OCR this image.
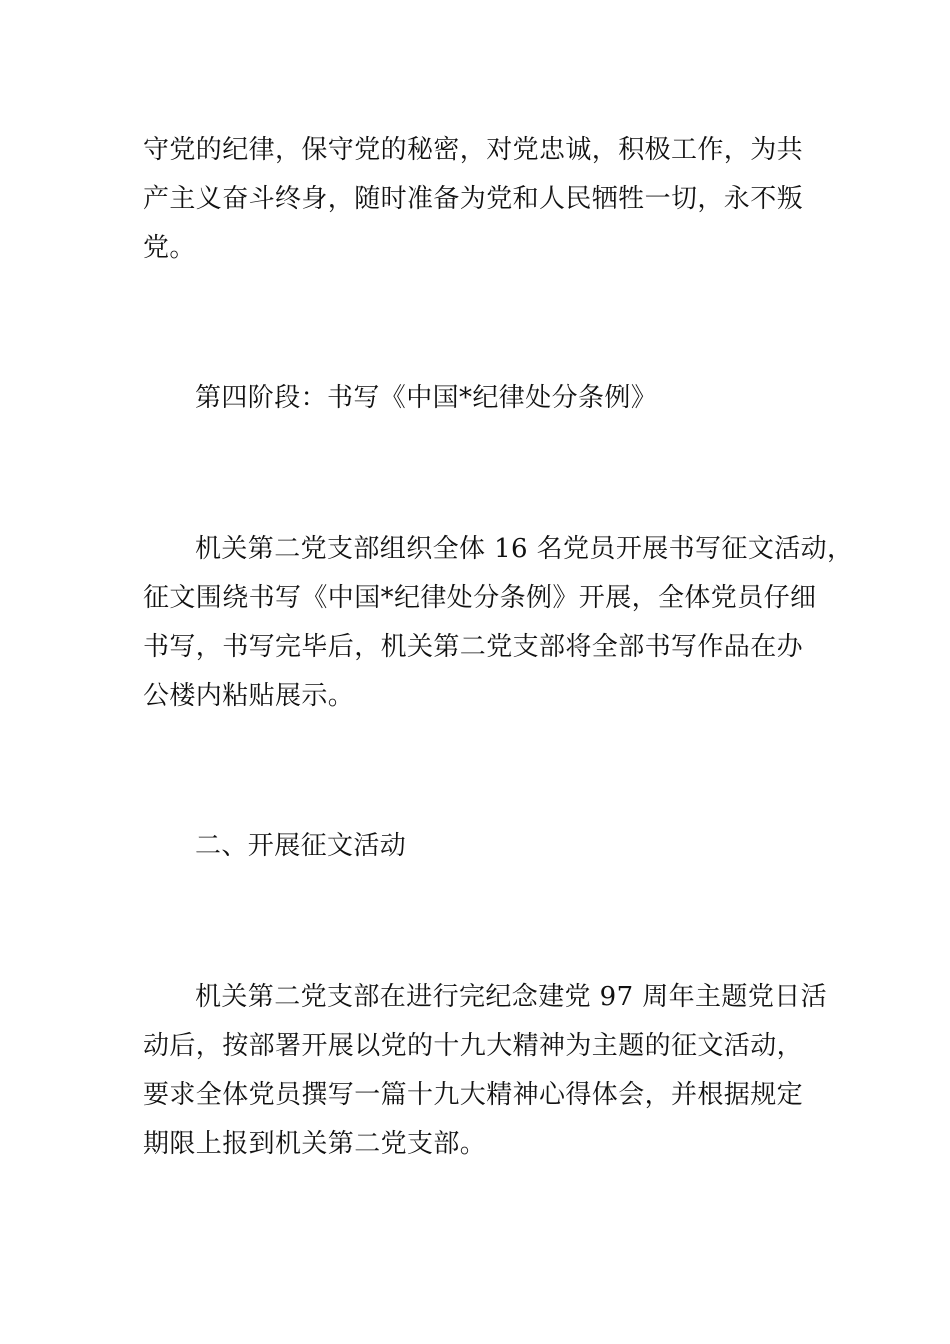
守党的纪律，保守党的秘密，对党忠诚，积极工作，为共
产主义奋斗终身，随时准备为党和人民牺牲一切，永不叛
党。
第四阶段：书写《中国*纪律处分条例》
机关第二党支部组织全体 16 名党员开展书写征文活动，
征文围绕书写《中国*纪律处分条例》开展，全体党员仔细
书写，书写完毕后，机关第二党支部将全部书写作品在办
公楼内粘贴展示。
二、开展征文活动
机关第二党支部在进行完纪念建党 97 周年主题党日活
动后，按部署开展以党的十九大精神为主题的征文活动，
要求全体党员撰写一篇十九大精神心得体会，并根据规定
期限上报到机关第二党支部。
